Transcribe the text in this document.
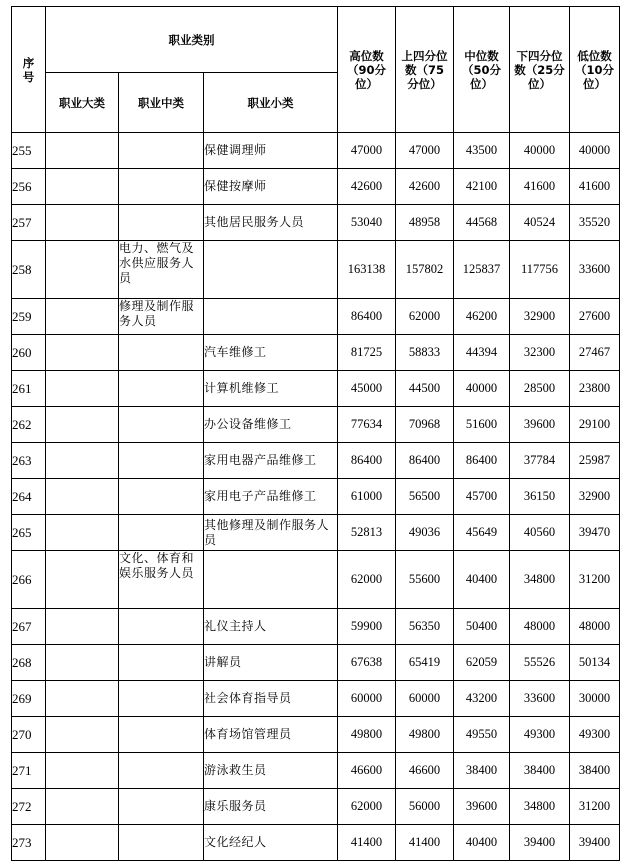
序
号	职业类别			高位数（90分位）	上四分位数（75分位）	中位数（50分位）	下四分位数（25分位）	低位数（10分位）
	职业大类	职业中类	职业小类					
255			保健调理师	47000	47000	43500	40000	40000
256			保健按摩师	42600	42600	42100	41600	41600
257			其他居民服务人员	53040	48958	44568	40524	35520
258		电力、燃气及水供应服务人员		163138	157802	125837	117756	33600
259		修理及制作服务人员		86400	62000	46200	32900	27600
260			汽车维修工	81725	58833	44394	32300	27467
261			计算机维修工	45000	44500	40000	28500	23800
262			办公设备维修工	77634	70968	51600	39600	29100
263			家用电器产品维修工	86400	86400	86400	37784	25987
264			家用电子产品维修工	61000	56500	45700	36150	32900
265			其他修理及制作服务人员	52813	49036	45649	40560	39470
266		文化、体育和娱乐服务人员		62000	55600	40400	34800	31200
267			礼仪主持人	59900	56350	50400	48000	48000
268			讲解员	67638	65419	62059	55526	50134
269			社会体育指导员	60000	60000	43200	33600	30000
270			体育场馆管理员	49800	49800	49550	49300	49300
271			游泳救生员	46600	46600	38400	38400	38400
272			康乐服务员	62000	56000	39600	34800	31200
273			文化经纪人	41400	41400	40400	39400	39400
